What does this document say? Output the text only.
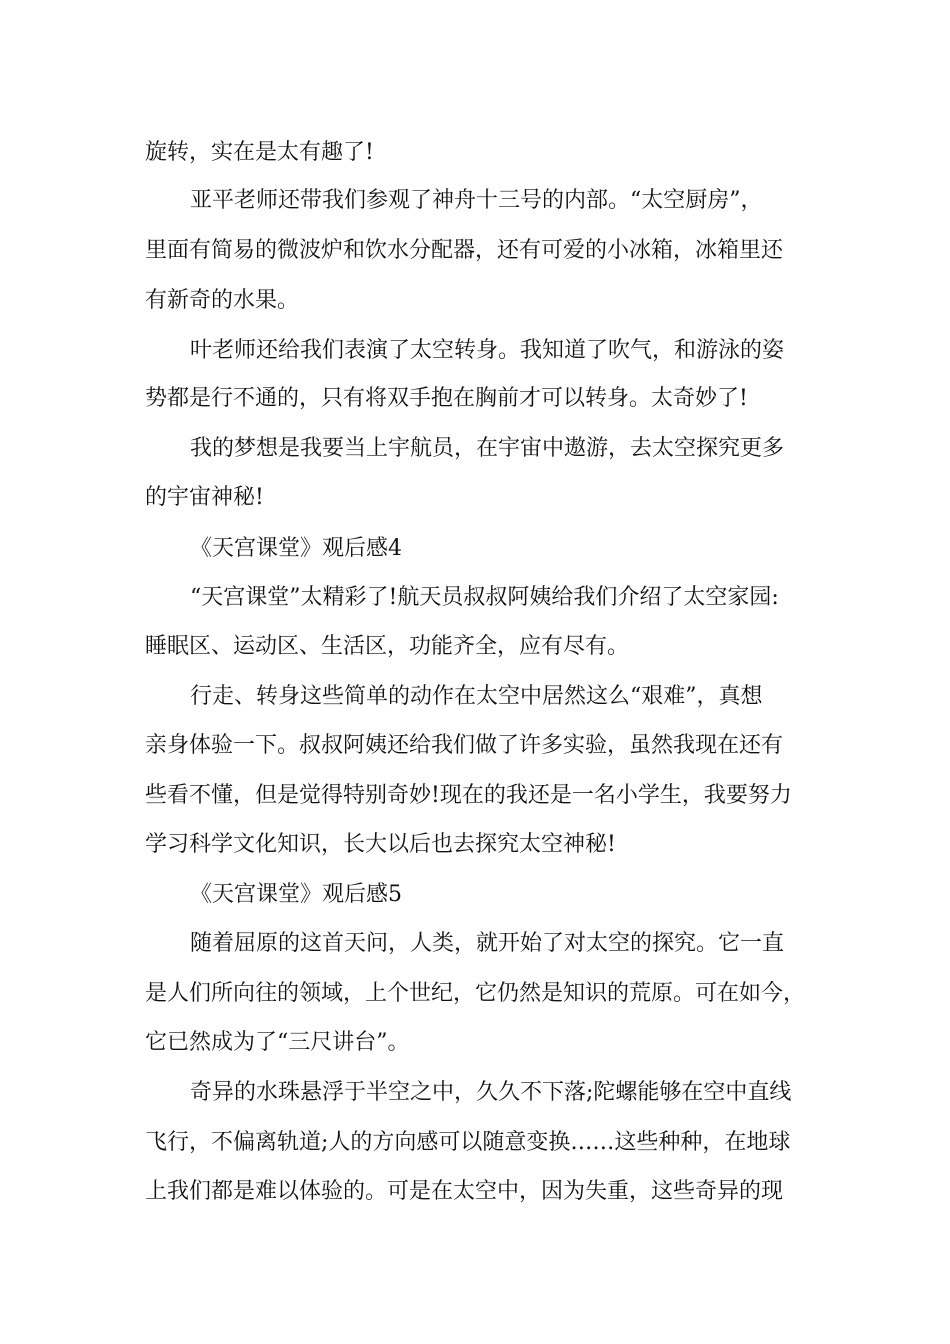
旋转，实在是太有趣了!

亚平老师还带我们参观了神舟十三号的内部。“太空厨房”，

里面有简易的微波炉和饮水分配器，还有可爱的小冰箱，冰箱里还

有新奇的水果。

叶老师还给我们表演了太空转身。我知道了吹气，和游泳的姿

势都是行不通的，只有将双手抱在胸前才可以转身。太奇妙了!

我的梦想是我要当上宇航员，在宇宙中遨游，去太空探究更多

的宇宙神秘!

《天宫课堂》观后感4

“天宫课堂”太精彩了!航天员叔叔阿姨给我们介绍了太空家园:

睡眠区、运动区、生活区，功能齐全，应有尽有。

行走、转身这些简单的动作在太空中居然这么“艰难”，真想

亲身体验一下。叔叔阿姨还给我们做了许多实验，虽然我现在还有

些看不懂，但是觉得特别奇妙!现在的我还是一名小学生，我要努力

学习科学文化知识，长大以后也去探究太空神秘!

《天宫课堂》观后感5

随着屈原的这首天问，人类，就开始了对太空的探究。它一直

是人们所向往的领域，上个世纪，它仍然是知识的荒原。可在如今，

它已然成为了“三尺讲台”。

奇异的水珠悬浮于半空之中，久久不下落;陀螺能够在空中直线

飞行，不偏离轨道;人的方向感可以随意变换……这些种种，在地球

上我们都是难以体验的。可是在太空中，因为失重，这些奇异的现
